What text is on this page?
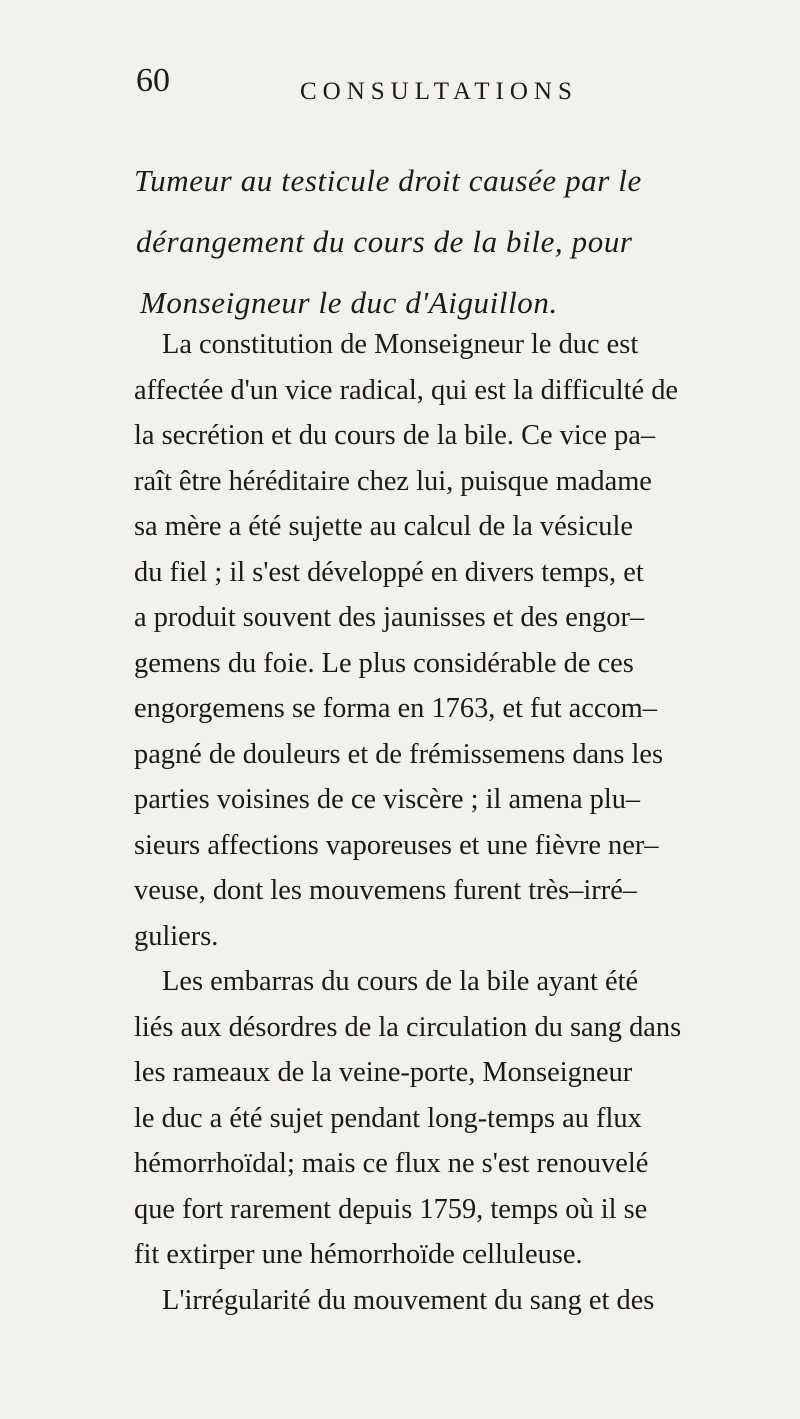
60	CONSULTATIONS
Tumeur au testicule droit causée par le
dérangement du cours de la bile, pour
Monseigneur le duc d'Aiguillon.
La constitution de Monseigneur le duc est
affectée d'un vice radical, qui est la difficulté de
la secrétion et du cours de la bile. Ce vice pa–
raît être héréditaire chez lui, puisque madame
sa mère a été sujette au calcul de la vésicule
du fiel ; il s'est développé en divers temps, et
a produit souvent des jaunisses et des engor–
gemens du foie. Le plus considérable de ces
engorgemens se forma en 1763, et fut accom–
pagné de douleurs et de frémissemens dans les
parties voisines de ce viscère ; il amena plu–
sieurs affections vaporeuses et une fièvre ner–
veuse, dont les mouvemens furent très–irré–
guliers.
Les embarras du cours de la bile ayant été
liés aux désordres de la circulation du sang dans
les rameaux de la veine-porte, Monseigneur
le duc a été sujet pendant long-temps au flux
hémorrhoïdal; mais ce flux ne s'est renouvelé
que fort rarement depuis 1759, temps où il se
fit extirper une hémorrhoïde celluleuse.
L'irrégularité du mouvement du sang et des
